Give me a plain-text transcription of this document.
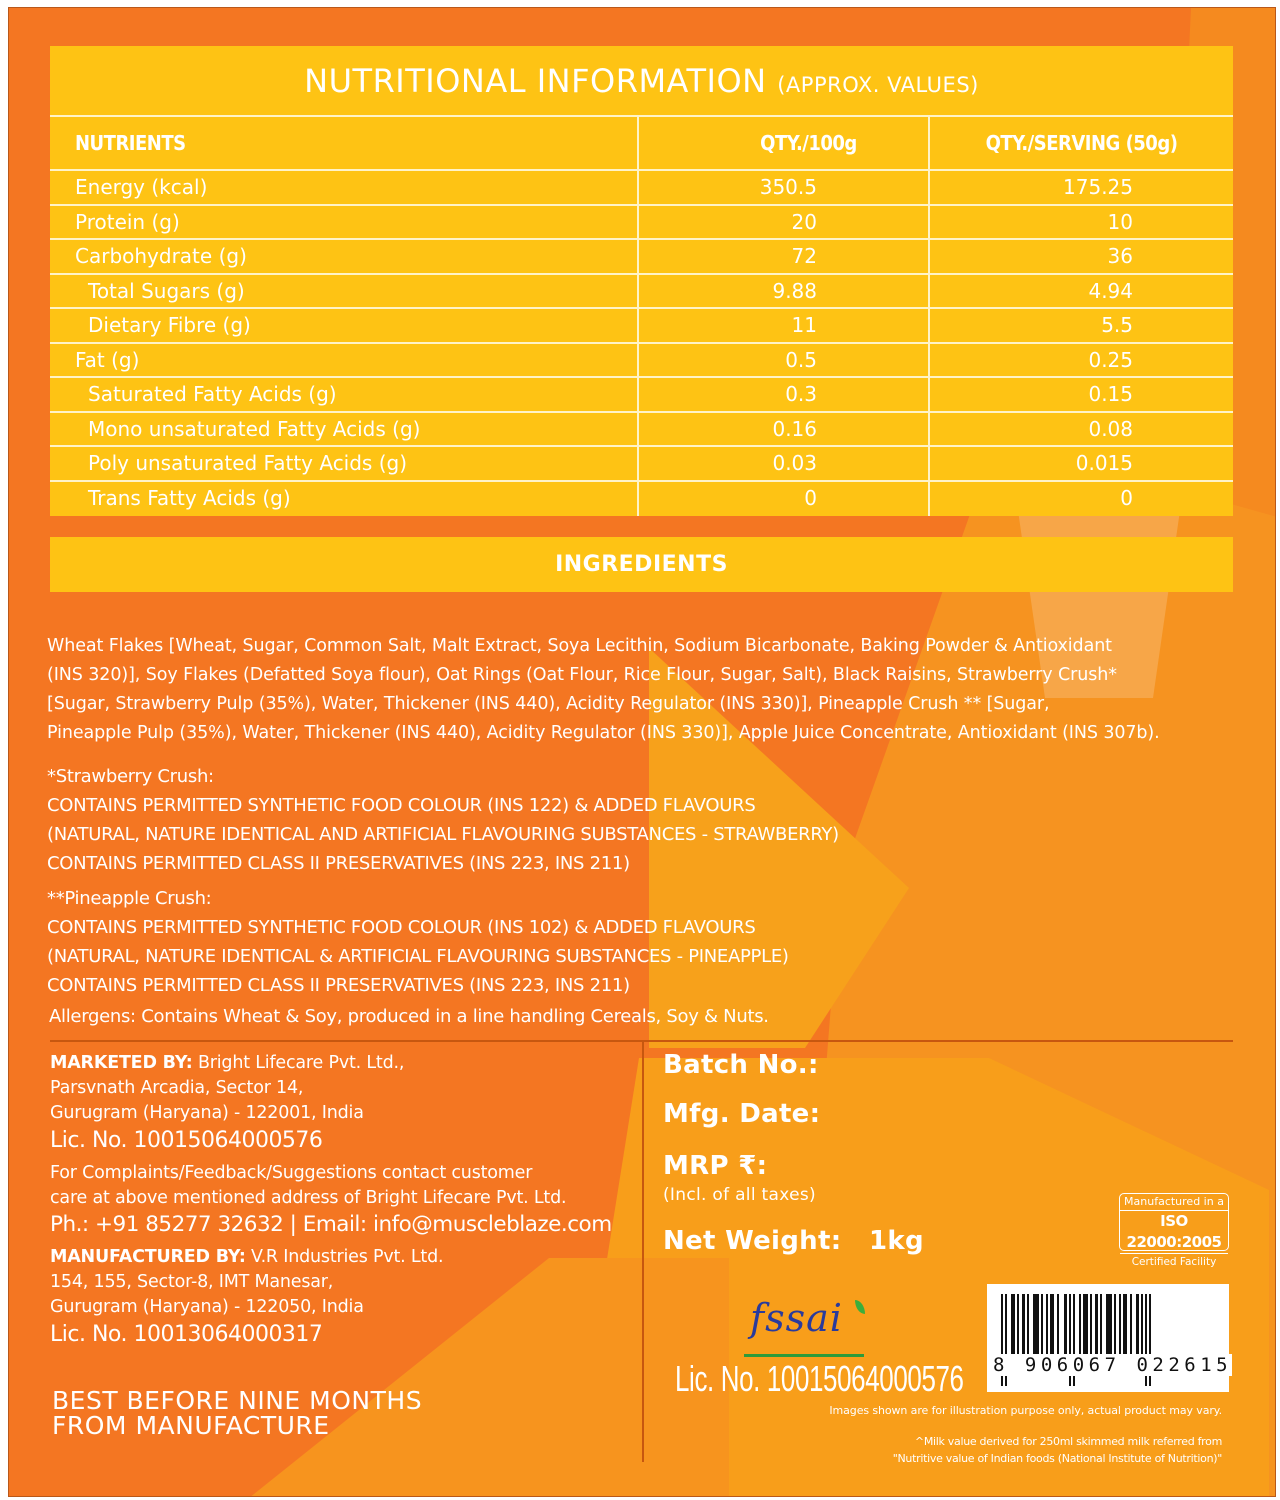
NUTRITIONAL INFORMATION (APPROX. VALUES)
NUTRIENTS	QTY./100g	QTY./SERVING (50g)
Energy (kcal)	350.5	175.25
Protein (g)	20	10
Carbohydrate (g)	72	36
Total Sugars (g)	9.88	4.94
Dietary Fibre (g)	11	5.5
Fat (g)	0.5	0.25
Saturated Fatty Acids (g)	0.3	0.15
Mono unsaturated Fatty Acids (g)	0.16	0.08
Poly unsaturated Fatty Acids (g)	0.03	0.015
Trans Fatty Acids (g)	0	0
INGREDIENTS

Wheat Flakes [Wheat, Sugar, Common Salt, Malt Extract, Soya Lecithin, Sodium Bicarbonate, Baking Powder & Antioxidant

(INS 320)], Soy Flakes (Defatted Soya flour), Oat Rings (Oat Flour, Rice Flour, Sugar, Salt), Black Raisins, Strawberry Crush*

[Sugar, Strawberry Pulp (35%), Water, Thickener (INS 440), Acidity Regulator (INS 330)], Pineapple Crush ** [Sugar,

Pineapple Pulp (35%), Water, Thickener (INS 440), Acidity Regulator (INS 330)], Apple Juice Concentrate, Antioxidant (INS 307b).

*Strawberry Crush:

CONTAINS PERMITTED SYNTHETIC FOOD COLOUR (INS 122) & ADDED FLAVOURS

(NATURAL, NATURE IDENTICAL AND ARTIFICIAL FLAVOURING SUBSTANCES - STRAWBERRY)

CONTAINS PERMITTED CLASS II PRESERVATIVES (INS 223, INS 211)

**Pineapple Crush:

CONTAINS PERMITTED SYNTHETIC FOOD COLOUR (INS 102) & ADDED FLAVOURS

(NATURAL, NATURE IDENTICAL & ARTIFICIAL FLAVOURING SUBSTANCES - PINEAPPLE)

CONTAINS PERMITTED CLASS II PRESERVATIVES (INS 223, INS 211)

Allergens: Contains Wheat & Soy, produced in a line handling Cereals, Soy & Nuts.
MARKETED BY: Bright Lifecare Pvt. Ltd.,
Parsvnath Arcadia, Sector 14,
Gurugram (Haryana) - 122001, India
Lic. No. 10015064000576
For Complaints/Feedback/Suggestions contact customer
care at above mentioned address of Bright Lifecare Pvt. Ltd.
Ph.: +91 85277 32632 | Email: info@muscleblaze.com
MANUFACTURED BY: V.R Industries Pvt. Ltd.
154, 155, Sector-8, IMT Manesar,
Gurugram (Haryana) - 122050, India
Lic. No. 10013064000317
BEST BEFORE NINE MONTHS
FROM MANUFACTURE
Batch No.:
Mfg. Date:
MRP ₹:
(Incl. of all taxes)
Net Weight: 1kg
Manufactured in a
ISO 22000:2005
Certified Facility
fssai
Lic. No. 10015064000576 8 906067 022615
Images shown are for illustration purpose only, actual product may vary.
^Milk value derived for 250ml skimmed milk referred from
"Nutritive value of Indian foods (National Institute of Nutrition)"
